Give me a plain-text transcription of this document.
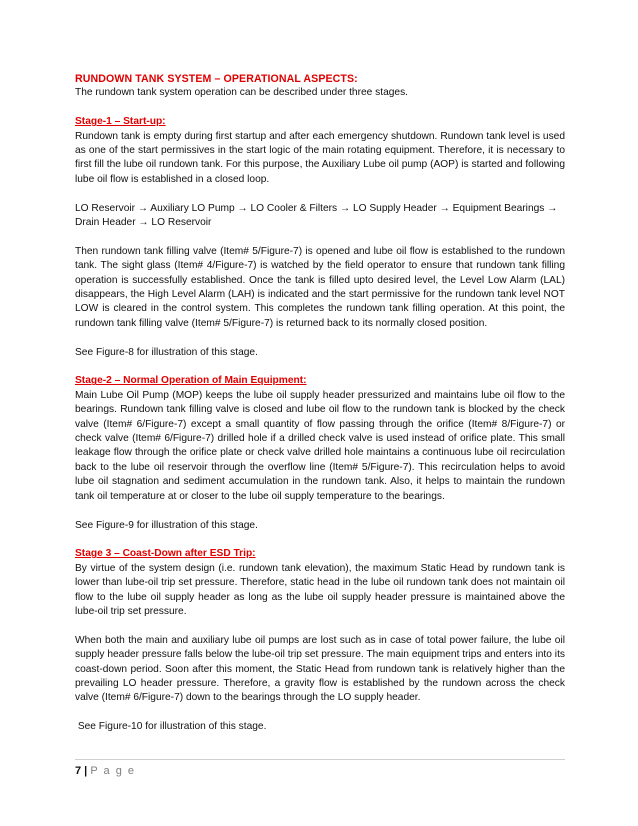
RUNDOWN TANK SYSTEM – OPERATIONAL ASPECTS:

The rundown tank system operation can be described under three stages.

Stage-1 – Start-up:

Rundown tank is empty during first startup and after each emergency shutdown. Rundown tank level is used as one of the start permissives in the start logic of the main rotating equipment. Therefore, it is necessary to first fill the lube oil rundown tank. For this purpose, the Auxiliary Lube oil pump (AOP) is started and following lube oil flow is established in a closed loop.

LO Reservoir → Auxiliary LO Pump → LO Cooler & Filters → LO Supply Header → Equipment Bearings → Drain Header → LO Reservoir

Then rundown tank filling valve (Item# 5/Figure-7) is opened and lube oil flow is established to the rundown tank. The sight glass (Item# 4/Figure-7) is watched by the field operator to ensure that rundown tank filling operation is successfully established. Once the tank is filled upto desired level, the Level Low Alarm (LAL) disappears, the High Level Alarm (LAH) is indicated and the start permissive for the rundown tank level NOT LOW is cleared in the control system. This completes the rundown tank filling operation. At this point, the rundown tank filling valve (Item# 5/Figure-7) is returned back to its normally closed position.

See Figure-8 for illustration of this stage.

Stage-2 – Normal Operation of Main Equipment:

Main Lube Oil Pump (MOP) keeps the lube oil supply header pressurized and maintains lube oil flow to the bearings. Rundown tank filling valve is closed and lube oil flow to the rundown tank is blocked by the check valve (Item# 6/Figure-7) except a small quantity of flow passing through the orifice (Item# 8/Figure-7) or check valve (Item# 6/Figure-7) drilled hole if a drilled check valve is used instead of orifice plate. This small leakage flow through the orifice plate or check valve drilled hole maintains a continuous lube oil recirculation back to the lube oil reservoir through the overflow line (Item# 5/Figure-7). This recirculation helps to avoid lube oil stagnation and sediment accumulation in the rundown tank. Also, it helps to maintain the rundown tank oil temperature at or closer to the lube oil supply temperature to the bearings.

See Figure-9 for illustration of this stage.

Stage 3 – Coast-Down after ESD Trip:

By virtue of the system design (i.e. rundown tank elevation), the maximum Static Head by rundown tank is lower than lube-oil trip set pressure. Therefore, static head in the lube oil rundown tank does not maintain oil flow to the lube oil supply header as long as the lube oil supply header pressure is maintained above the lube-oil trip set pressure.

When both the main and auxiliary lube oil pumps are lost such as in case of total power failure, the lube oil supply header pressure falls below the lube-oil trip set pressure. The main equipment trips and enters into its coast-down period. Soon after this moment, the Static Head from rundown tank is relatively higher than the prevailing LO header pressure. Therefore, a gravity flow is established by the rundown across the check valve (Item# 6/Figure-7) down to the bearings through the LO supply header.

See Figure-10 for illustration of this stage.

7 | P a g e
